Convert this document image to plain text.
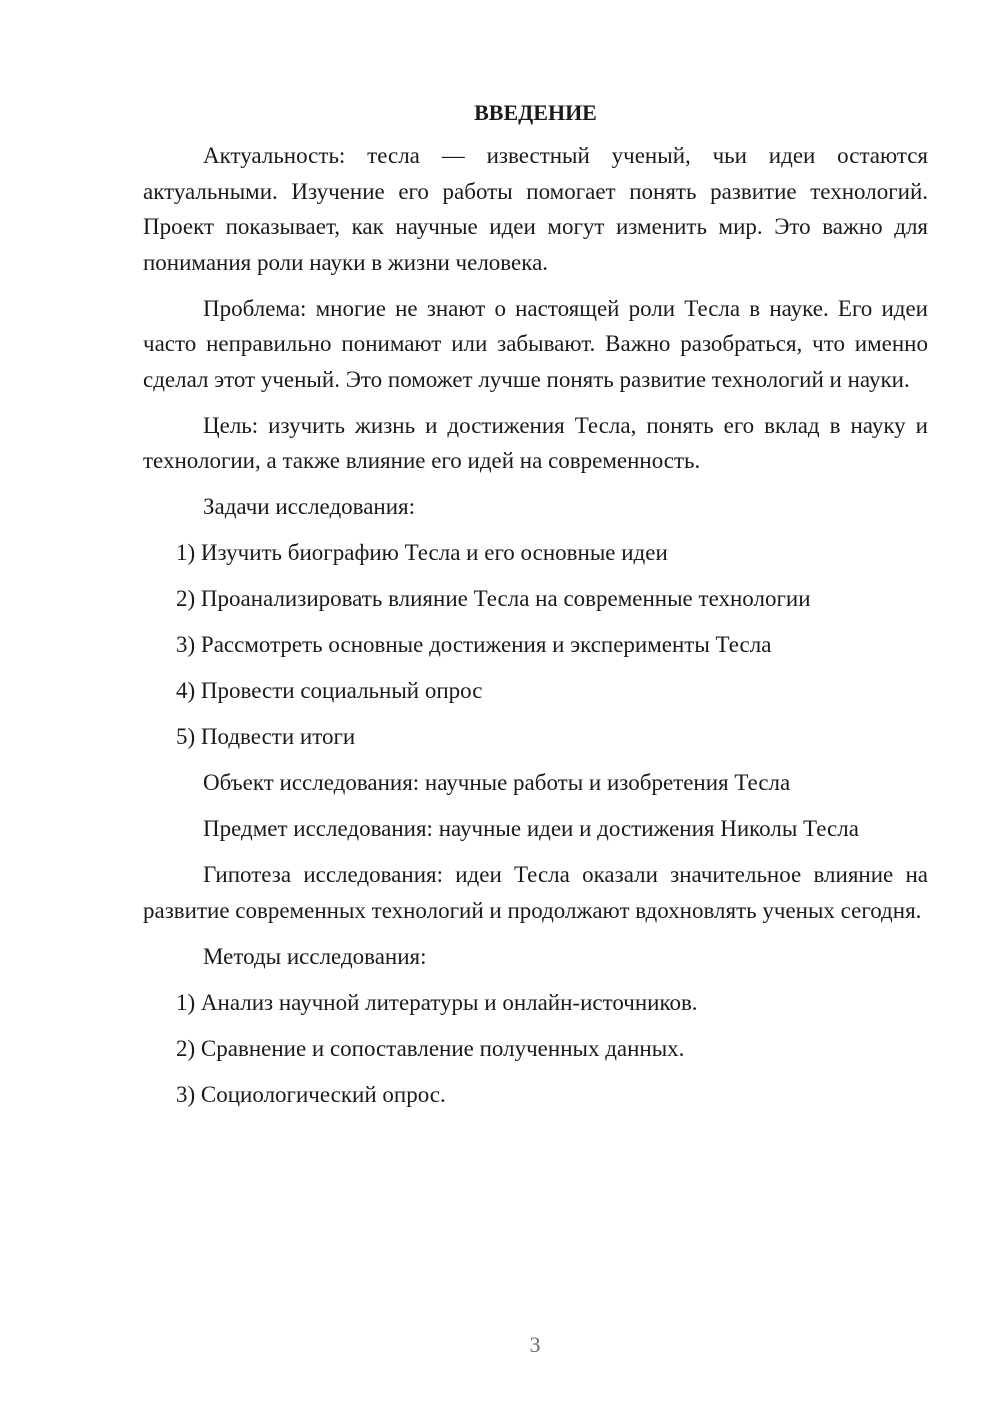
ВВЕДЕНИЕ

Актуальность: тесла — известный ученый, чьи идеи остаются актуальными. Изучение его работы помогает понять развитие технологий. Проект показывает, как научные идеи могут изменить мир. Это важно для понимания роли науки в жизни человека.

Проблема: многие не знают о настоящей роли Тесла в науке. Его идеи часто неправильно понимают или забывают. Важно разобраться, что именно сделал этот ученый. Это поможет лучше понять развитие технологий и науки.

Цель: изучить жизнь и достижения Тесла, понять его вклад в науку и технологии, а также влияние его идей на современность.

Задачи исследования:

1) Изучить биографию Тесла и его основные идеи

2) Проанализировать влияние Тесла на современные технологии

3) Рассмотреть основные достижения и эксперименты Тесла

4) Провести социальный опрос

5) Подвести итоги

Объект исследования: научные работы и изобретения Тесла

Предмет исследования: научные идеи и достижения Николы Тесла

Гипотеза исследования: идеи Тесла оказали значительное влияние на развитие современных технологий и продолжают вдохновлять ученых сегодня.

Методы исследования:

1) Анализ научной литературы и онлайн-источников.

2) Сравнение и сопоставление полученных данных.

3) Социологический опрос.

3
